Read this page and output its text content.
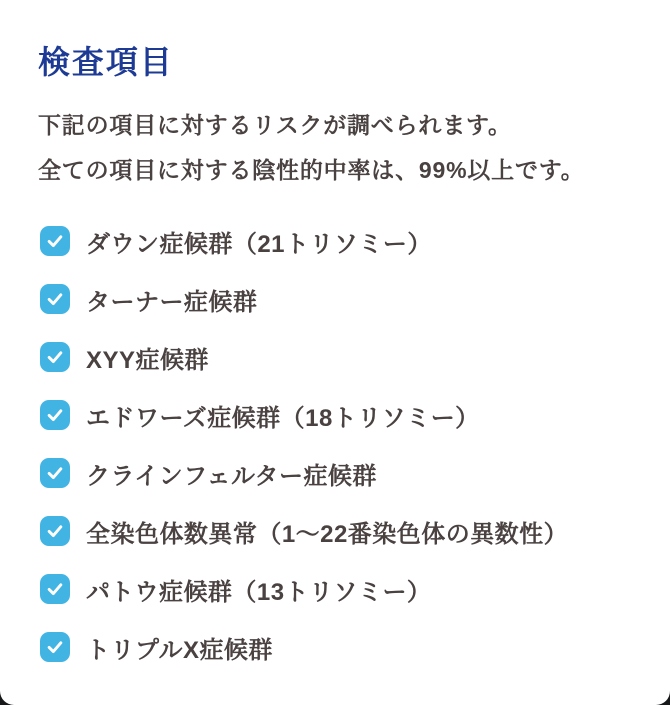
検査項目

下記の項目に対するリスクが調べられます。
全ての項目に対する陰性的中率は、99%以上です。

ダウン症候群（21トリソミー）
ターナー症候群
XYY症候群
エドワーズ症候群（18トリソミー）
クラインフェルター症候群
全染色体数異常（1〜22番染色体の異数性）
パトウ症候群（13トリソミー）
トリプルX症候群
